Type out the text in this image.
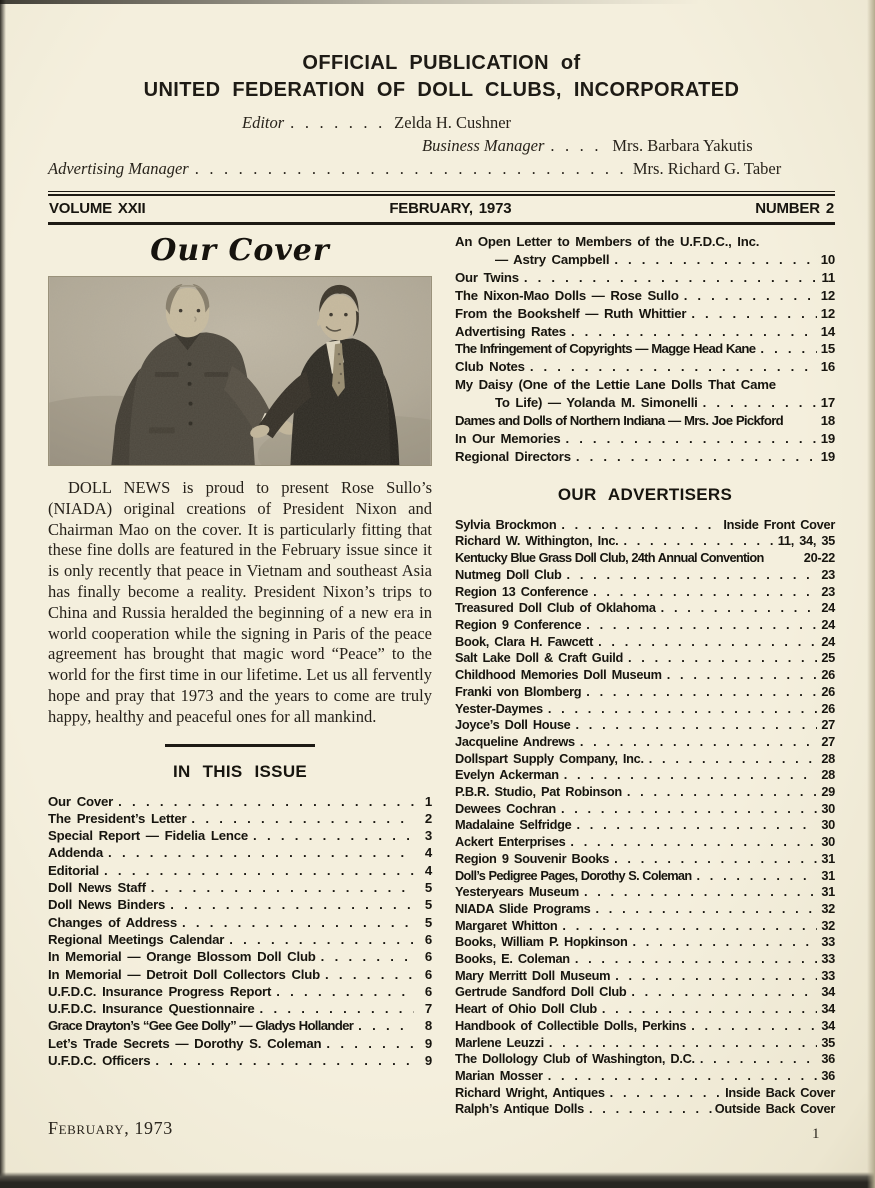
OFFICIAL PUBLICATION of
UNITED FEDERATION OF DOLL CLUBS, INCORPORATED
Editor . . .	Zelda H. Cushner
Business Manager . . .	Mrs. Barbara Yakutis
Advertising Manager . . .	Mrs. Richard G. Taber
VOLUME XXII	FEBRUARY, 1973	NUMBER 2
Our Cover

DOLL NEWS is proud to present Rose Sullo’s (NIADA) original creations of President Nixon and Chairman Mao on the cover. It is particularly fitting that these fine dolls are featured in the February issue since it is only recently that peace in Vietnam and southeast Asia has finally become a reality. President Nixon’s trips to China and Russia heralded the beginning of a new era in world cooperation while the signing in Paris of the peace agreement has brought that magic word “Peace” to the world for the first time in our lifetime. Let us all fervently hope and pray that 1973 and the years to come are truly happy, healthy and peaceful ones for all mankind.

IN THIS ISSUE
Our Cover . . .	1
The President’s Letter . . .	2
Special Report — Fidelia Lence . . .	3
Addenda . . .	4
Editorial . . .	4
Doll News Staff . . .	5
Doll News Binders . . .	5
Changes of Address . . .	5
Regional Meetings Calendar . . .	6
In Memorial — Orange Blossom Doll Club . . .	6
In Memorial — Detroit Doll Collectors Club . . .	6
U.F.D.C. Insurance Progress Report . . .	6
U.F.D.C. Insurance Questionnaire . . .	7
Grace Drayton’s “Gee Gee Dolly” — Gladys Hollander . . .	8
Let’s Trade Secrets — Dorothy S. Coleman . . .	9
U.F.D.C. Officers . . .	9
An Open Letter to Members of the U.F.D.C., Inc.
— Astry Campbell . . .	10
Our Twins . . .	11
The Nixon-Mao Dolls — Rose Sullo . . .	12
From the Bookshelf — Ruth Whittier . . .	12
Advertising Rates . . .	14
The Infringement of Copyrights — Magge Head Kane . . .	15
Club Notes . . .	16
My Daisy (One of the Lettie Lane Dolls That Came
To Life) — Yolanda M. Simonelli . . .	17
Dames and Dolls of Northern Indiana — Mrs. Joe Pickford	18
In Our Memories . . .	19
Regional Directors . . .	19
OUR ADVERTISERS
Sylvia Brockmon . . .	Inside Front Cover
Richard W. Withington, Inc. . . .	11, 34, 35
Kentucky Blue Grass Doll Club, 24th Annual Convention	20-22
Nutmeg Doll Club . . .	23
Region 13 Conference . . .	23
Treasured Doll Club of Oklahoma . . .	24
Region 9 Conference . . .	24
Book, Clara H. Fawcett . . .	24
Salt Lake Doll & Craft Guild . . .	25
Childhood Memories Doll Museum . . .	26
Franki von Blomberg . . .	26
Yester-Daymes . . .	26
Joyce’s Doll House . . .	27
Jacqueline Andrews . . .	27
Dollspart Supply Company, Inc. . . .	28
Evelyn Ackerman . . .	28
P.B.R. Studio, Pat Robinson . . .	29
Dewees Cochran . . .	30
Madalaine Selfridge . . .	30
Ackert Enterprises . . .	30
Region 9 Souvenir Books . . .	31
Doll’s Pedigree Pages, Dorothy S. Coleman . . .	31
Yesteryears Museum . . .	31
NIADA Slide Programs . . .	32
Margaret Whitton . . .	32
Books, William P. Hopkinson . . .	33
Books, E. Coleman . . .	33
Mary Merritt Doll Museum . . .	33
Gertrude Sandford Doll Club . . .	34
Heart of Ohio Doll Club . . .	34
Handbook of Collectible Dolls, Perkins . . .	34
Marlene Leuzzi . . .	35
The Dollology Club of Washington, D.C. . . .	36
Marian Mosser . . .	36
Richard Wright, Antiques . . .	Inside Back Cover
Ralph’s Antique Dolls . . .	Outside Back Cover
February, 1973	1
